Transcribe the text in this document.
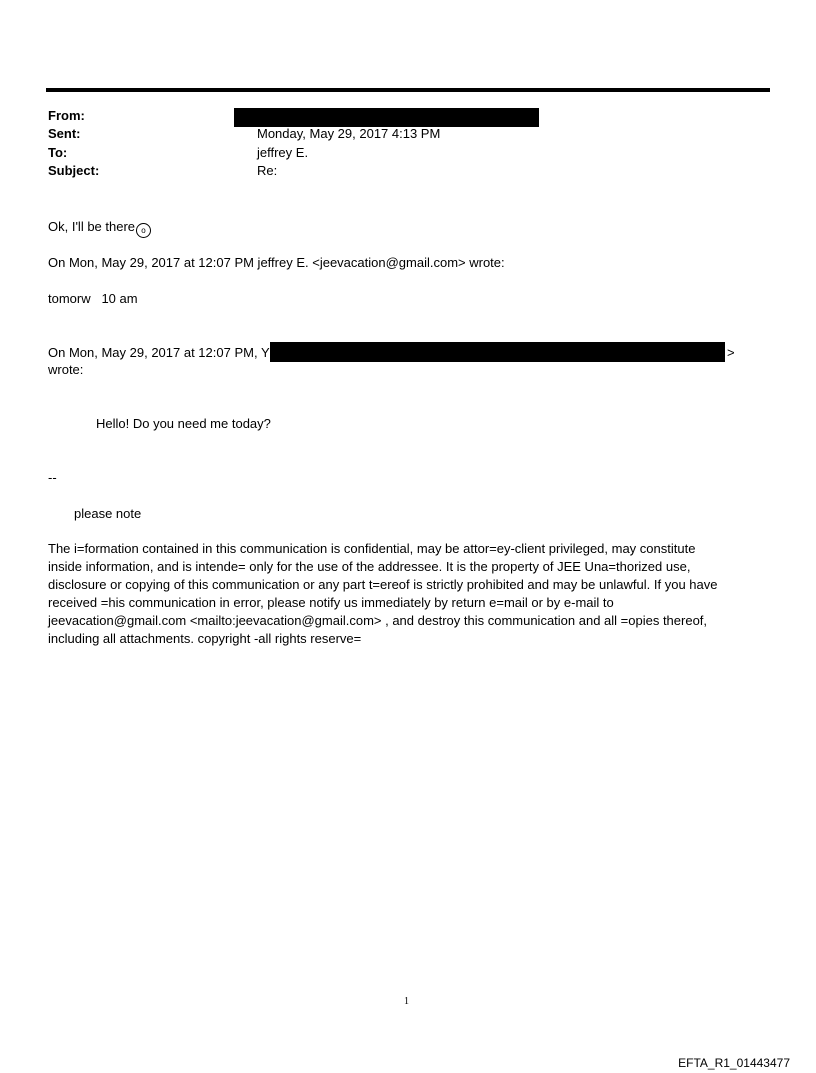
From:
Sent:	Monday, May 29, 2017 4:13 PM
To:	jeffrey E.
Subject:	Re:
Ok, I'll be there o
On Mon, May 29, 2017 at 12:07 PM jeffrey E. <jeevacation@gmail.com> wrote:
tomorw   10 am
On Mon, May 29, 2017 at 12:07 PM, Y	>
wrote:
Hello! Do you need me today?
--
please note
The i=formation contained in this communication is confidential, may be attor=ey-client privileged, may constitute
inside information, and is intende= only for the use of the addressee. It is the property of JEE Una=thorized use,
disclosure or copying of this communication or any part t=ereof is strictly prohibited and may be unlawful. If you have
received =his communication in error, please notify us immediately by return e=mail or by e-mail to
jeevacation@gmail.com <mailto:jeevacation@gmail.com> , and destroy this communication and all =opies thereof,
including all attachments. copyright -all rights reserve=
1
EFTA_R1_01443477
